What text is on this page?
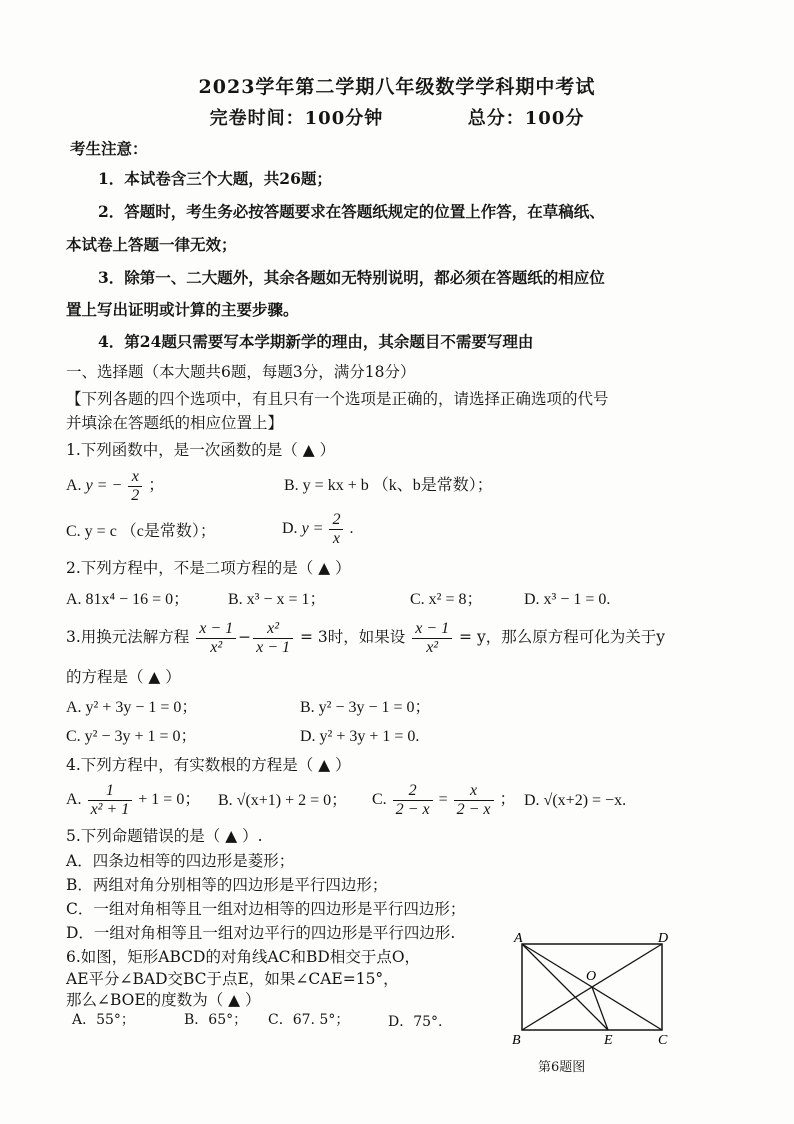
2023学年第二学期八年级数学学科期中考试
完卷时间：100分钟	总分：100分
考生注意：
1．本试卷含三个大题，共26题；
2．答题时，考生务必按答题要求在答题纸规定的位置上作答，在草稿纸、
本试卷上答题一律无效；
3．除第一、二大题外，其余各题如无特别说明，都必须在答题纸的相应位
置上写出证明或计算的主要步骤。
4．第24题只需要写本学期新学的理由，其余题目不需要写理由
一、选择题（本大题共6题，每题3分，满分18分）
【下列各题的四个选项中，有且只有一个选项是正确的，请选择正确选项的代号
并填涂在答题纸的相应位置上】
1.下列函数中，是一次函数的是（ ▲ ）
A. y = − $\frac{x}{2}$ ；	B. y = kx + b （k、b是常数）；
C. y = c （c是常数）；	D. $y = \frac{2}{x}$ .
2.下列方程中，不是二项方程的是（ ▲ ）
A. 81x⁴ − 16 = 0； B. x³ − x = 1；	C. x² = 8；	D. x³ − 1 = 0.
3.用换元法解方程 $\frac{x - 1}{\text{x²}} - \frac{\text{x²}}{x - 1} = 3$时，如果设 $\frac{x - 1}{\text{x²}} = y$，那么原方程可化为关于y
的方程是（ ▲ ）
A. y² + 3y − 1 = 0；	B. y² − 3y − 1 = 0；
C. y² − 3y + 1 = 0；	D. y² + 3y + 1 = 0.
4.下列方程中，有实数根的方程是（ ▲ ）
A. $\frac{1}{\text{x² + 1}} + 1 = 0$； B. √(x+1) + 2 = 0； C. $\frac{2}{2 - x} = \frac{x}{2 - x}$ ； D. √(x+2) = −x.
5.下列命题错误的是（ ▲ ）.
A．四条边相等的四边形是菱形；
B．两组对角分别相等的四边形是平行四边形；
C．一组对角相等且一组对边相等的四边形是平行四边形；
D．一组对角相等且一组对边平行的四边形是平行四边形.
6.如图，矩形ABCD的对角线AC和BD相交于点O，
AE平分∠BAD交BC于点E，如果∠CAE=15°，
那么∠BOE的度数为（ ▲ ）
A．55°；	B．65°； C．67. 5°；	D．75°.
A	D
O
B	E	C
第6题图
